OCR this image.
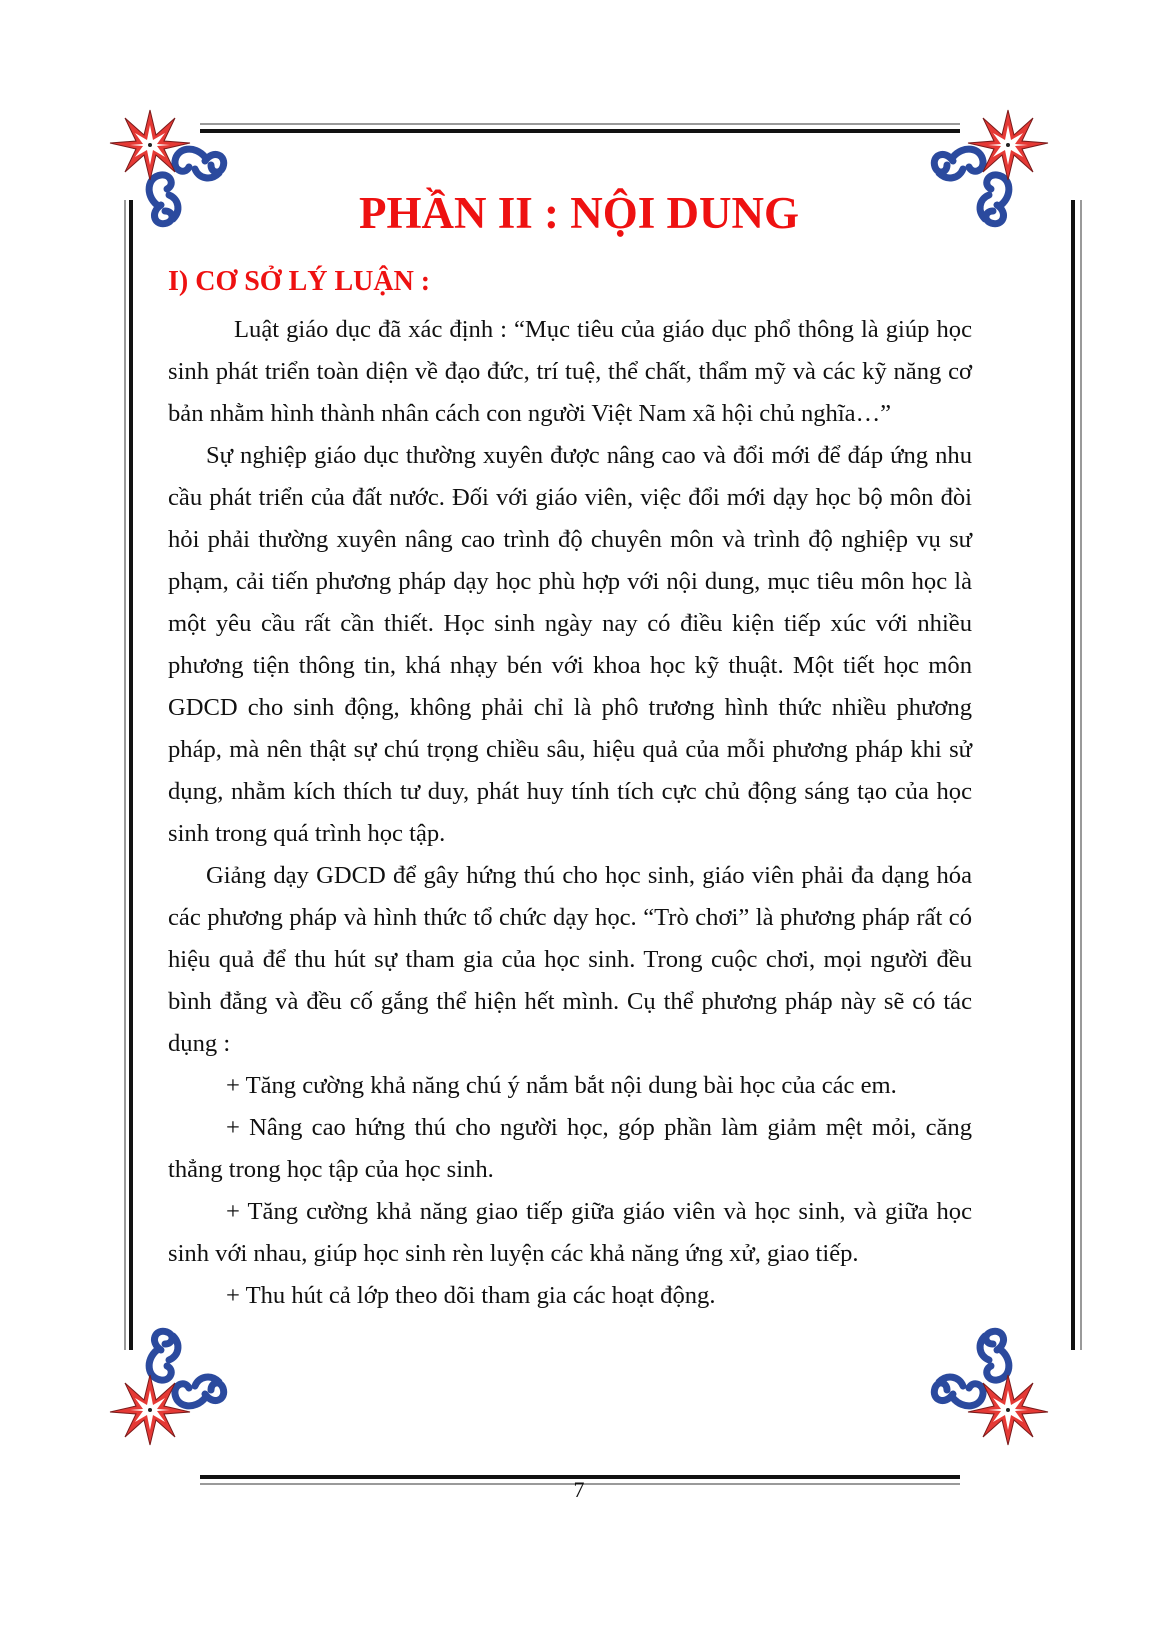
PHẦN II : NỘI DUNG
I) CƠ SỞ LÝ LUẬN :

Luật giáo dục đã xác định : “Mục tiêu của giáo dục phổ thông là giúp học sinh phát triển toàn diện về đạo đức, trí tuệ, thể chất, thẩm mỹ và các kỹ năng cơ bản nhằm hình thành nhân cách con người Việt Nam xã hội chủ nghĩa…”

Sự nghiệp giáo dục thường xuyên được nâng cao và đổi mới để đáp ứng nhu cầu phát triển của đất nước. Đối với giáo viên, việc đổi mới dạy học bộ môn đòi hỏi phải thường xuyên nâng cao trình độ chuyên môn và trình độ nghiệp vụ sư phạm, cải tiến phương pháp dạy học phù hợp với nội dung, mục tiêu môn học là một yêu cầu rất cần thiết. Học sinh ngày nay có điều kiện tiếp xúc với nhiều phương tiện thông tin, khá nhạy bén với khoa học kỹ thuật. Một tiết học môn GDCD cho sinh động, không phải chỉ là phô trương hình thức nhiều phương pháp, mà nên thật sự chú trọng chiều sâu, hiệu quả của mỗi phương pháp khi sử dụng, nhằm kích thích tư duy, phát huy tính tích cực chủ động sáng tạo của học sinh trong quá trình học tập.

Giảng dạy GDCD để gây hứng thú cho học sinh, giáo viên phải đa dạng hóa các phương pháp và hình thức tổ chức dạy học. “Trò chơi” là phương pháp rất có hiệu quả để thu hút sự tham gia của học sinh. Trong cuộc chơi, mọi người đều bình đẳng và đều cố gắng thể hiện hết mình. Cụ thể phương pháp này sẽ có tác dụng :

+ Tăng cường khả năng chú ý nắm bắt nội dung bài học của các em.

+ Nâng cao hứng thú cho người học, góp phần làm giảm mệt mỏi, căng thẳng trong học tập của học sinh.

+ Tăng cường khả năng giao tiếp giữa giáo viên và học sinh, và giữa học sinh với nhau, giúp học sinh rèn luyện các khả năng ứng xử, giao tiếp.

+ Thu hút cả lớp theo dõi tham gia các hoạt động.

7
